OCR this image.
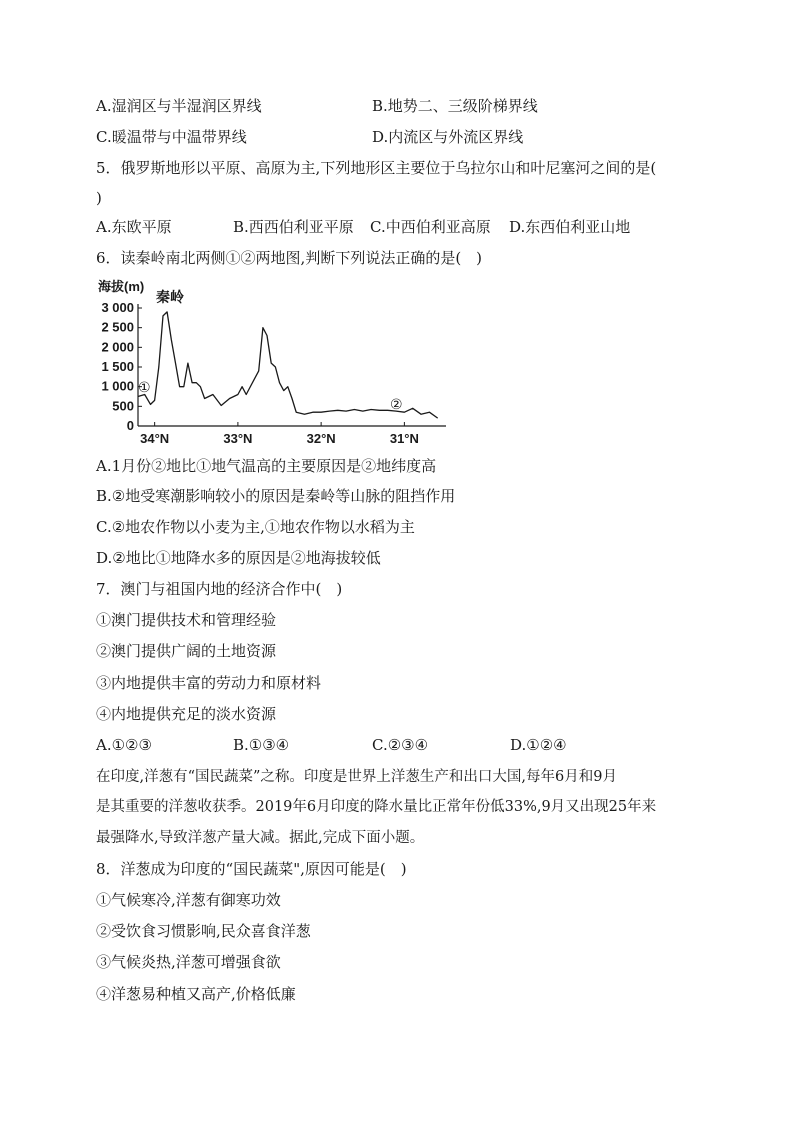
A.湿润区与半湿润区界线	B.地势二、三级阶梯界线
C.暖温带与中温带界线	D.内流区与外流区界线
5．俄罗斯地形以平原、高原为主,下列地形区主要位于乌拉尔山和叶尼塞河之间的是(
)
A.东欧平原	B.西西伯利亚平原 C.中西伯利亚高原 D.东西伯利亚山地
6．读秦岭南北两侧①②两地图,判断下列说法正确的是(　)
海拔(m)
秦岭
3 000
2 500
2 000
1 500
1 000
500
0
34°N	33°N	32°N	31°N
①
②
A.1月份②地比①地气温高的主要原因是②地纬度高
B.②地受寒潮影响较小的原因是秦岭等山脉的阻挡作用
C.②地农作物以小麦为主,①地农作物以水稻为主
D.②地比①地降水多的原因是②地海拔较低
7．澳门与祖国内地的经济合作中(　)
①澳门提供技术和管理经验
②澳门提供广阔的土地资源
③内地提供丰富的劳动力和原材料
④内地提供充足的淡水资源
A.①②③	B.①③④	C.②③④	D.①②④
在印度,洋葱有“国民蔬菜”之称。印度是世界上洋葱生产和出口大国,每年6月和9月
是其重要的洋葱收获季。2019年6月印度的降水量比正常年份低33%,9月又出现25年来
最强降水,导致洋葱产量大减。据此,完成下面小题。
8．洋葱成为印度的“国民蔬菜",原因可能是(　)
①气候寒冷,洋葱有御寒功效
②受饮食习惯影响,民众喜食洋葱
③气候炎热,洋葱可增强食欲
④洋葱易种植又高产,价格低廉
